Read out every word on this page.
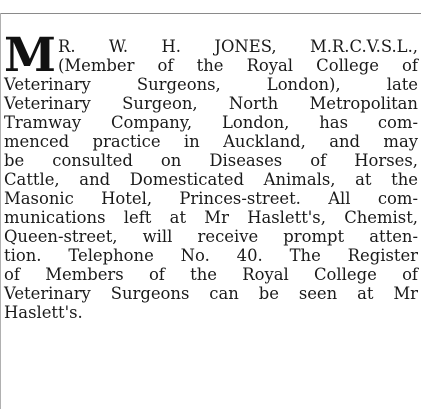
M R. W. H. JONES, M.R.C.V.S.L.,
(Member of the Royal College of
Veterinary Surgeons, London), late
Veterinary Surgeon, North Metropolitan
Tramway Company, London, has com-
menced practice in Auckland, and may
be consulted on Diseases of Horses,
Cattle, and Domesticated Animals, at the
Masonic Hotel, Princes-street. All com-
munications left at Mr Haslett's, Chemist,
Queen-street, will receive prompt atten-
tion. Telephone No. 40. The Register
of Members of the Royal College of
Veterinary Surgeons can be seen at Mr
Haslett's.
